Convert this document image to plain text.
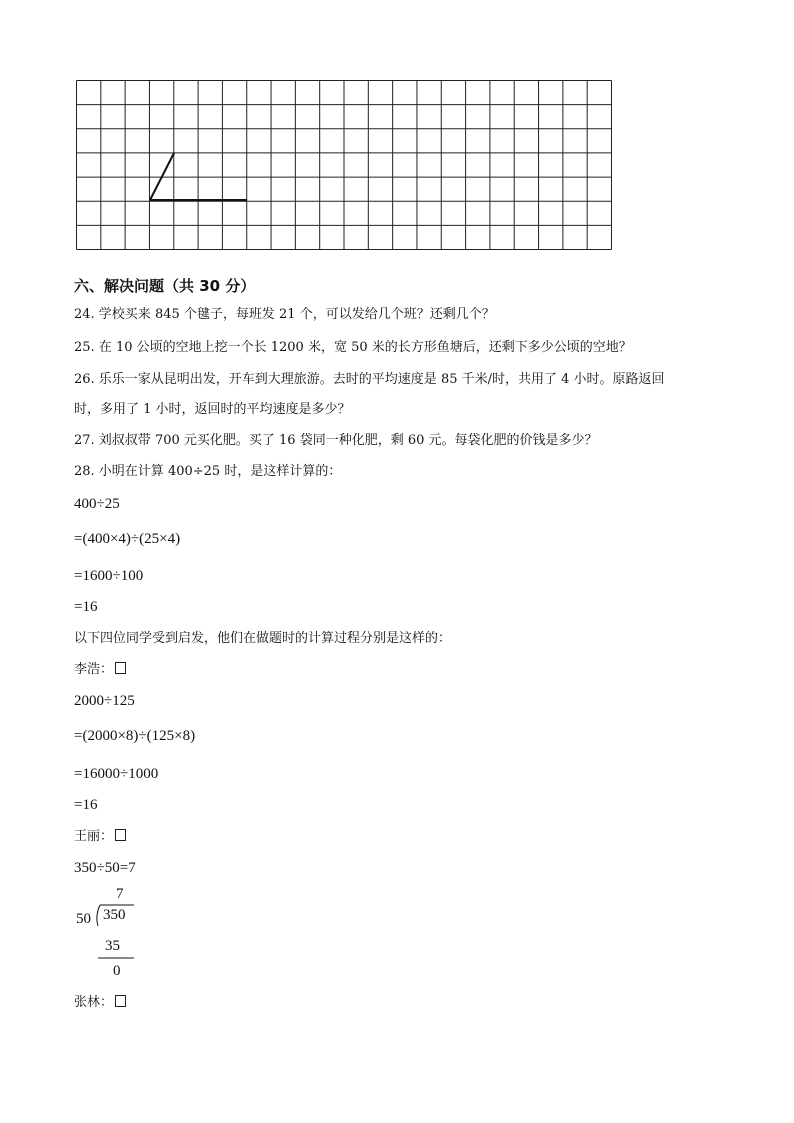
六、解决问题（共 30 分）
24. 学校买来 845 个毽子，每班发 21 个，可以发给几个班？还剩几个？
25. 在 10 公顷的空地上挖一个长 1200 米，宽 50 米的长方形鱼塘后，还剩下多少公顷的空地？
26. 乐乐一家从昆明出发，开车到大理旅游。去时的平均速度是 85 千米/时，共用了 4 小时。原路返回
时，多用了 1 小时，返回时的平均速度是多少？
27. 刘叔叔带 700 元买化肥。买了 16 袋同一种化肥，剩 60 元。每袋化肥的价钱是多少？
28. 小明在计算 400÷25 时，是这样计算的：
400÷25
=(400×4)÷(25×4)
=1600÷100
=16
以下四位同学受到启发，他们在做题时的计算过程分别是这样的：
李浩：
2000÷125
=(2000×8)÷(125×8)
=16000÷1000
=16
王丽：
350÷50=7
7
50 350
35
0
张林：
